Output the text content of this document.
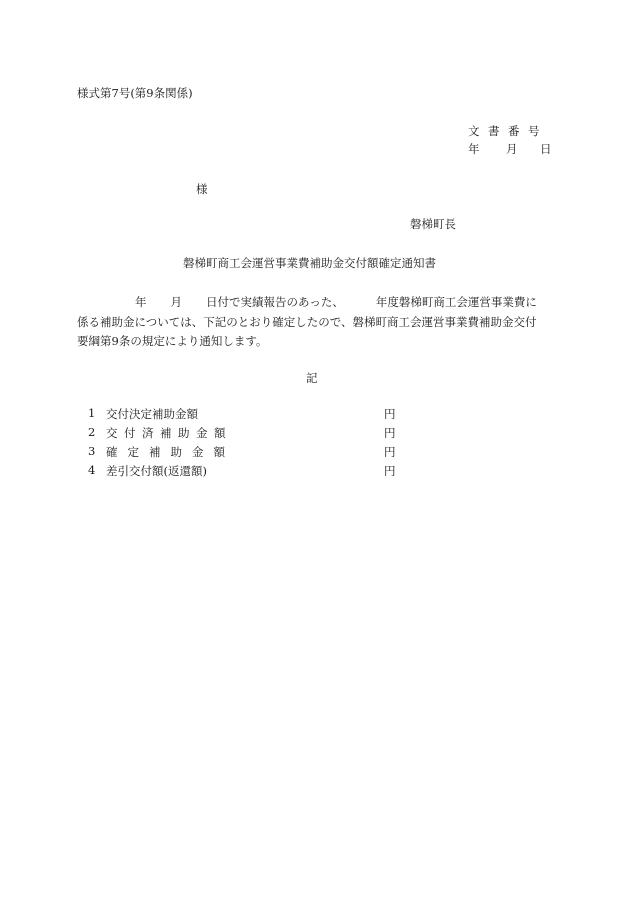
様式第7号(第9条関係)
文 書 番 号
年 月 日
様
磐梯町長
磐梯町商工会運営事業費補助金交付額確定通知書
年 月 日付で実績報告のあった、	年度磐梯町商工会運営事業費に
係る補助金については、下記のとおり確定したので、磐梯町商工会運営事業費補助金交付
要綱第9条の規定により通知します。
記
1 交付決定補助金額	円
2 交付済補助金額	円
3 確定補助金額	円
4 差引交付額(返還額)	円
